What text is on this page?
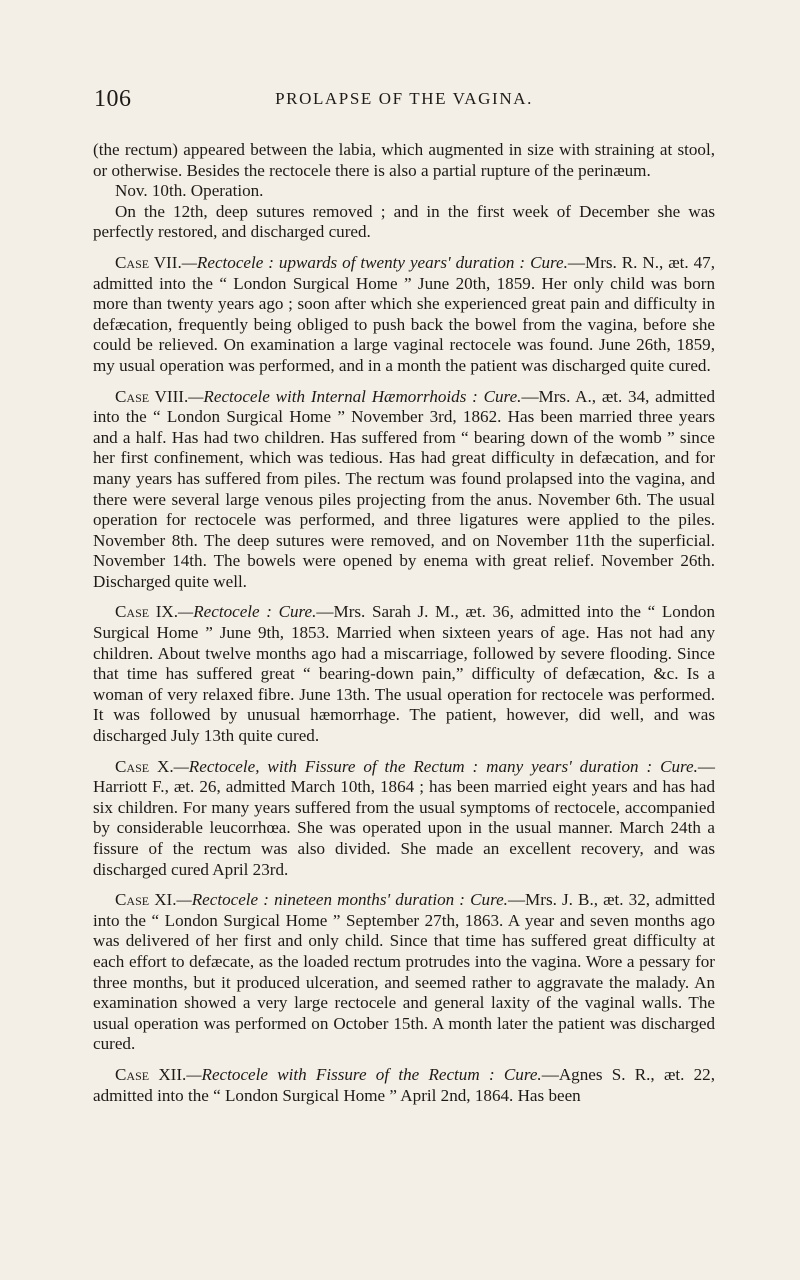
106	PROLAPSE OF THE VAGINA.

(the rectum) appeared between the labia, which augmented in size with straining at stool, or otherwise. Besides the rectocele there is also a partial rupture of the perinæum.

Nov. 10th. Operation.

On the 12th, deep sutures removed ; and in the first week of December she was perfectly restored, and discharged cured.

Case VII.—Rectocele : upwards of twenty years' duration : Cure.—Mrs. R. N., æt. 47, admitted into the “ London Surgical Home ” June 20th, 1859. Her only child was born more than twenty years ago ; soon after which she experienced great pain and difficulty in defæcation, frequently being obliged to push back the bowel from the vagina, before she could be relieved. On examination a large vaginal rectocele was found. June 26th, 1859, my usual operation was performed, and in a month the patient was discharged quite cured.

Case VIII.—Rectocele with Internal Hæmorrhoids : Cure.—Mrs. A., æt. 34, admitted into the “ London Surgical Home ” November 3rd, 1862. Has been married three years and a half. Has had two children. Has suffered from “ bearing down of the womb ” since her first confinement, which was tedious. Has had great difficulty in defæcation, and for many years has suffered from piles. The rectum was found prolapsed into the vagina, and there were several large venous piles projecting from the anus. November 6th. The usual operation for rectocele was performed, and three ligatures were applied to the piles. November 8th. The deep sutures were removed, and on November 11th the superficial. November 14th. The bowels were opened by enema with great relief. November 26th. Discharged quite well.

Case IX.—Rectocele : Cure.—Mrs. Sarah J. M., æt. 36, admitted into the “ London Surgical Home ” June 9th, 1853. Married when sixteen years of age. Has not had any children. About twelve months ago had a miscarriage, followed by severe flooding. Since that time has suffered great “ bearing-down pain,” difficulty of defæcation, &c. Is a woman of very relaxed fibre. June 13th. The usual operation for rectocele was performed. It was followed by unusual hæmorrhage. The patient, however, did well, and was discharged July 13th quite cured.

Case X.—Rectocele, with Fissure of the Rectum : many years' duration : Cure.—Harriott F., æt. 26, admitted March 10th, 1864 ; has been married eight years and has had six children. For many years suffered from the usual symptoms of rectocele, accompanied by considerable leucorrhœa. She was operated upon in the usual manner. March 24th a fissure of the rectum was also divided. She made an excellent recovery, and was discharged cured April 23rd.

Case XI.—Rectocele : nineteen months' duration : Cure.—Mrs. J. B., æt. 32, admitted into the “ London Surgical Home ” September 27th, 1863. A year and seven months ago was delivered of her first and only child. Since that time has suffered great difficulty at each effort to defæcate, as the loaded rectum protrudes into the vagina. Wore a pessary for three months, but it produced ulceration, and seemed rather to aggravate the malady. An examination showed a very large rectocele and general laxity of the vaginal walls. The usual operation was performed on October 15th. A month later the patient was discharged cured.

Case XII.—Rectocele with Fissure of the Rectum : Cure.—Agnes S. R., æt. 22, admitted into the “ London Surgical Home ” April 2nd, 1864. Has been
